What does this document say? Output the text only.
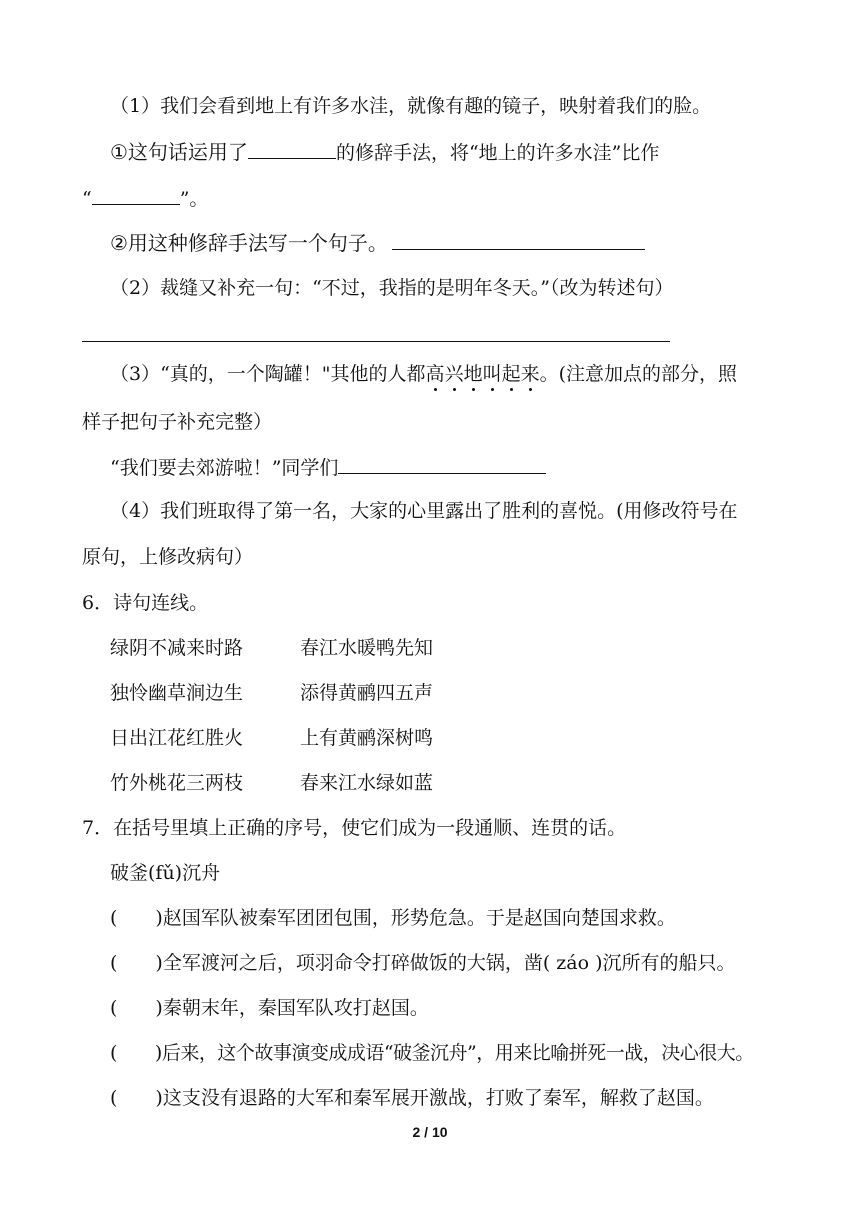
（1）我们会看到地上有许多水洼，就像有趣的镜子，映射着我们的脸。
①这句话运用了	的修辞手法，将“地上的许多水洼”比作
“	”。
②用这种修辞手法写一个句子。
（2）裁缝又补充一句：“不过，我指的是明年冬天。”（改为转述句）
（3）“真的，一个陶罐！"其他的人都高兴地叫起来。(注意加点的部分，照
样子把句子补充完整）
“我们要去郊游啦！”同学们
（4）我们班取得了第一名，大家的心里露出了胜利的喜悦。(用修改符号在
原句，上修改病句）
6．诗句连线。
绿阴不减来时路	春江水暖鸭先知
独怜幽草涧边生	添得黄鹂四五声
日出江花红胜火	上有黄鹂深树鸣
竹外桃花三两枝	春来江水绿如蓝
7．在括号里填上正确的序号，使它们成为一段通顺、连贯的话。
破釜(fǔ)沉舟
( )赵国军队被秦军团团包围，形势危急。于是赵国向楚国求救。
( )全军渡河之后，项羽命令打碎做饭的大锅，凿( záo )沉所有的船只。
( )秦朝末年，秦国军队攻打赵国。
( )后来，这个故事演变成成语“破釜沉舟”，用来比喻拼死一战，决心很大。
( )这支没有退路的大军和秦军展开激战，打败了秦军，解救了赵国。
2 / 10
